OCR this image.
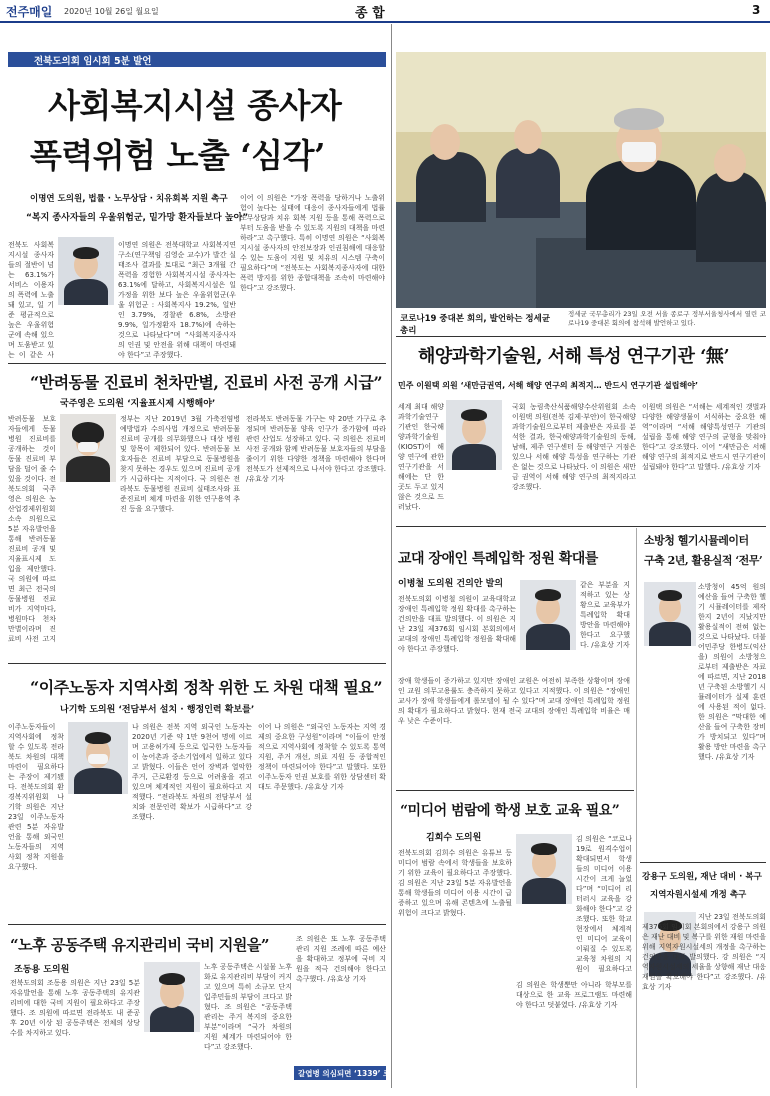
전주매일 2020년 10월 26일 월요일	종 합	3
전북도의회 임시회 5분 발언
사회복지시설 종사자
폭력위험 노출 ‘심각’
이명연 도의원, 법률 · 노무상담 · 치유회복 지원 촉구
“복지 종사자들의 우울위험군, 밑가망 환자들보다 높아”
전북도 사회복지시설 종사자들의 절반이 넘는 63.1%가 서비스 이용자의 폭력에 노출돼 있고, 일 기준 평균적으로 높은 우울위험군에 속해 있으며 도움받고 있는 이 같은 사
이명연 의원은 전북대학교 사회복지연구소(연구책임 김영순 교수)가 발간 실태조사 결과를 토대로 “최근 3개월 간 폭력을 경험한 사회복지시설 종사자는 63.1%에 달하고, 사회복지시설은 일가정을 위한 보다 높은 우울위험군(우울 위험군 : 사회복지사 19.2%, 일반인 3.79%, 경찰관 6.8%, 소방관 9.9%, 일가정환자 18.7%)에 속하는 것으로 나타났다”며 “사회복지종사자의 인권 및 안전을 위해 대책이 마련돼야 한다”고 주장했다.
이어 이 의원은 “가장 폭력을 당하거나 노출위험이 높다는 실태에 대응이 종사자들에게 법률노무상담과 치유 회복 지원 등을 통해 폭력으로부터 도움을 받을 수 있도록 지원의 대책을 마련하라”고 촉구했다. 특히 이명연 의원은 “사회복지시설 종사자의 안전보장과 인권침해에 대응할 수 있는 도움이 지원 및 치유의 시스템 구축이 필요하다”며 “전북도는 사회복지종사자에 대한 폭력 방지를 위한 종합대책을 조속히 마련해야 한다”고 강조했다.
“반려동물 진료비 천차만별, 진료비 사전 공개 시급”
국주영은 도의원 ‘지율표시제 시행해야’
반려동물 보호자들에게 동물병원 진료비를 공개하는 것이 동물 진료비 부담을 덜어 줄 수 있을 것이다. 전북도의회 국주영은 의원은 농산업경제위원회 소속 의원으로 5분 자유발언을 통해 반려동물 진료비 공개 및 지율표시제 도입을 제안했다. 국 의원에 따르면 최근 전국의 동물병원 진료비가 지역마다, 병원마다 천차만별이라며 진료비 사전 고지
정부는 지난 2019년 3월 가축전염병 예방법과 수의사법 개정으로 반려동물 진료비 공개를 의무화했으나 대상 병원 및 항목이 제한되어 있다. 반려동물 보호자들은 진료비 부담으로 동물병원을 찾지 못하는 경우도 있으며 진료비 공개가 시급하다는 지적이다. 국 의원은 전라북도 동물병원 진료비 실태조사와 표준진료비 체계 마련을 위한 연구용역 추진 등을 요구했다.
전라북도 반려동물 가구는 약 20만 가구로 추정되며 반려동물 양육 인구가 증가함에 따라 관련 산업도 성장하고 있다. 국 의원은 진료비 사전 공개와 함께 반려동물 보호자들의 부담을 줄이기 위한 다양한 정책을 마련해야 한다며 전북도가 선제적으로 나서야 한다고 강조했다. /유효상 기자
“이주노동자 지역사회 정착 위한 도 차원 대책 필요”
나기학 도의원 ‘전담부서 설치 · 행정인력 확보를’
이주노동자들이 지역사회에 정착할 수 있도록 전라북도 차원의 대책 마련이 필요하다는 주장이 제기됐다. 전북도의회 환경복지위원회 나기학 의원은 지난 23일 이주노동자 관련 5분 자유발언을 통해 외국인 노동자들의 지역사회 정착 지원을 요구했다.
나 의원은 전북 지역 외국인 노동자는 2020년 기준 약 1만 9천여 명에 이르며 고용허가제 등으로 입국한 노동자들이 농어촌과 중소기업에서 일하고 있다고 밝혔다. 이들은 언어 장벽과 열악한 주거, 근로환경 등으로 어려움을 겪고 있으며 체계적인 지원이 필요하다고 지적했다. “전라북도 차원의 전담부서 설치와 전문인력 확보가 시급하다”고 강조했다.
이어 나 의원은 “외국인 노동자는 지역 경제의 중요한 구성원”이라며 “이들이 안정적으로 지역사회에 정착할 수 있도록 통역 지원, 주거 개선, 의료 지원 등 종합적인 정책이 마련되어야 한다”고 말했다. 또한 이주노동자 인권 보호를 위한 상담센터 확대도 주문했다. /유효상 기자
“노후 공동주택 유지관리비 국비 지원을”
조동용 도의원
전북도의회 조동용 의원은 지난 23일 5분 자유발언을 통해 노후 공동주택의 유지관리비에 대한 국비 지원이 필요하다고 주장했다. 조 의원에 따르면 전라북도 내 준공 후 20년 이상 된 공동주택은 전체의 상당수를 차지하고 있다.
노후 공동주택은 시설물 노후화로 유지관리비 부담이 커지고 있으며 특히 소규모 단지 입주민들의 부담이 크다고 밝혔다. 조 의원은 “공동주택 관리는 주거 복지의 중요한 부분”이라며 “국가 차원의 지원 체계가 마련되어야 한다”고 강조했다.
조 의원은 또 노후 공동주택 관리 지원 조례에 따른 예산을 확대하고 정부에 국비 지원을 적극 건의해야 한다고 촉구했다. /유효상 기자
갈엽병 의심되면 ‘1339’ 로
코로나19 중대본 회의, 발언하는 정세균 총리
정세균 국무총리가 23일 오전 서울 종로구 정부서울청사에서 열린 코로나19 중대본 회의에 참석해 발언하고 있다.
해양과학기술원, 서해 특성 연구기관 ‘無’
민주 이원택 의원 ‘새만금권역, 서해 해양 연구의 최적지… 반드시 연구기관 설립해야’
세계 최대 해양과학기술연구기관인 한국해양과학기술원(KIOST)이 해양 연구에 관한 연구기관을 서해에는 단 한 곳도 두고 있지 않은 것으로 드러났다.
국회 농림축산식품해양수산위원회 소속 이원택 의원(전북 김제·부안)이 한국해양과학기술원으로부터 제출받은 자료를 분석한 결과, 한국해양과학기술원의 동해, 남해, 제주 연구센터 등 해양연구 거점은 있으나 서해 해양 특성을 연구하는 기관은 없는 것으로 나타났다. 이 의원은 새만금 권역이 서해 해양 연구의 최적지라고 강조했다.
이원택 의원은 “서해는 세계적인 갯벌과 다양한 해양생물이 서식하는 중요한 해역”이라며 “서해 해양특성연구 기관의 설립을 통해 해양 연구의 균형을 맞춰야 한다”고 강조했다. 이어 “새만금은 서해 해양 연구의 최적지로 반드시 연구기관이 설립돼야 한다”고 말했다. /유효상 기자
교대 장애인 특례입학 정원 확대를
이병철 도의원 건의안 발의
전북도의회 이병철 의원이 교육대학교 장애인 특례입학 정원 확대를 촉구하는 건의안을 대표 발의했다. 이 의원은 지난 23일 제376회 임시회 본회의에서 교대의 장애인 특례입학 정원을 확대해야 한다고 주장했다.
같은 부분을 지적하고 있는 상황으로 교육부가 특례입학 확대 방안을 마련해야 한다고 요구했다. /유효상 기자
장애 학생들이 증가하고 있지만 장애인 교원은 여전히 부족한 상황이며 장애인 교원 의무고용률도 충족하지 못하고 있다고 지적했다. 이 의원은 “장애인 교사가 장애 학생들에게 롤모델이 될 수 있다”며 교대 장애인 특례입학 정원의 확대가 필요하다고 밝혔다. 현재 전국 교대의 장애인 특례입학 비율은 매우 낮은 수준이다.
“미디어 범람에 학생 보호 교육 필요”
김희수 도의원
전북도의회 김희수 의원은 유튜브 등 미디어 범람 속에서 학생들을 보호하기 위한 교육이 필요하다고 주장했다. 김 의원은 지난 23일 5분 자유발언을 통해 학생들의 미디어 이용 시간이 급증하고 있으며 유해 콘텐츠에 노출될 위험이 크다고 밝혔다.
김 의원은 “코로나19로 원격수업이 확대되면서 학생들의 미디어 이용 시간이 크게 늘었다”며 “미디어 리터러시 교육을 강화해야 한다”고 강조했다. 또한 학교 현장에서 체계적인 미디어 교육이 이뤄질 수 있도록 교육청 차원의 지원이 필요하다고
김 의원은 학생뿐만 아니라 학부모를 대상으로 한 교육 프로그램도 마련해야 한다고 덧붙였다. /유효상 기자
소방청 헬기시뮬레이터
구축 2년, 활용실적 ‘전무’
소방청이 45억 원의 예산을 들여 구축한 헬기 시뮬레이터를 제작한지 2년이 지났지만 활용실적이 전혀 없는 것으로 나타났다. 더불어민주당 한병도(익산을) 의원이 소방청으로부터 제출받은 자료에 따르면, 지난 2018년 구축된 소방헬기 시뮬레이터가 실제 훈련에 사용된 적이 없다. 한 의원은 “막대한 예산을 들여 구축한 장비가 방치되고 있다”며 활용 방안 마련을 촉구했다. /유효상 기자
강용구 도의원, 재난 대비 · 복구
지역자원시설세 개정 촉구
지난 23일 전북도의회 제376회 임시회 본회의에서 강용구 의원은 재난 대비 및 복구를 위한 재원 마련을 위해 지역자원시설세의 개정을 촉구하는 건의안을 대표 발의했다. 강 의원은 “지역자원시설세의 세율을 상향해 재난 대응 재원을 확보해야 한다”고 강조했다. /유효상 기자
